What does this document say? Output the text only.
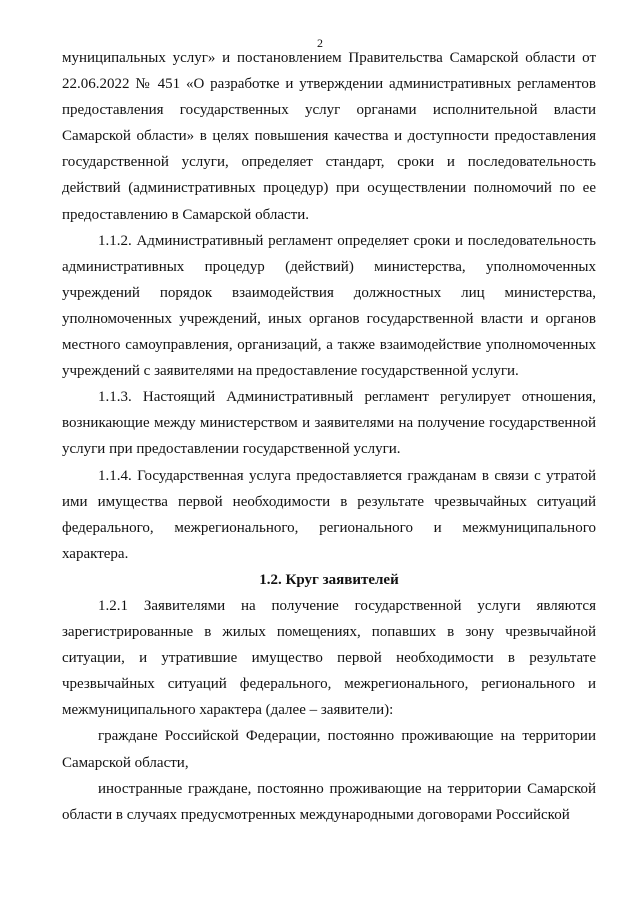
2

муниципальных услуг» и постановлением Правительства Самарской области от 22.06.2022 № 451 «О разработке и утверждении административных регламентов предоставления государственных услуг органами исполнительной власти Самарской области» в целях повышения качества и доступности предоставления государственной услуги, определяет стандарт, сроки и последовательность действий (административных процедур) при осуществлении полномочий по ее предоставлению в Самарской области.

1.1.2. Административный регламент определяет сроки и последовательность административных процедур (действий) министерства, уполномоченных учреждений порядок взаимодействия должностных лиц министерства, уполномоченных учреждений, иных органов государственной власти и органов местного самоуправления, организаций, а также взаимодействие уполномоченных учреждений с заявителями на предоставление государственной услуги.

1.1.3. Настоящий Административный регламент регулирует отношения, возникающие между министерством и заявителями на получение государственной услуги при предоставлении государственной услуги.

1.1.4. Государственная услуга предоставляется гражданам в связи с утратой ими имущества первой необходимости в результате чрезвычайных ситуаций федерального, межрегионального, регионального и межмуниципального характера.

1.2. Круг заявителей

1.2.1 Заявителями на получение государственной услуги являются зарегистрированные в жилых помещениях, попавших в зону чрезвычайной ситуации, и утратившие имущество первой необходимости в результате чрезвычайных ситуаций федерального, межрегионального, регионального и межмуниципального характера (далее – заявители):

граждане Российской Федерации, постоянно проживающие на территории Самарской области,

иностранные граждане, постоянно проживающие на территории Самарской области в случаях предусмотренных международными договорами Российской
